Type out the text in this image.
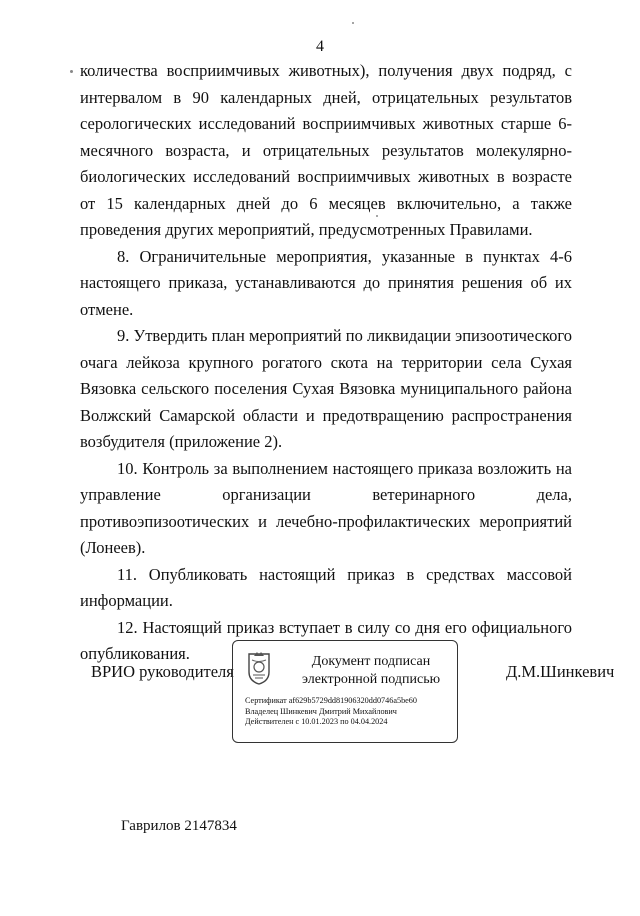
4

количества восприимчивых животных), получения двух подряд, с интервалом в 90 календарных дней, отрицательных результатов серологических исследований восприимчивых животных старше 6-месячного возраста, и отрицательных результатов молекулярно-биологических исследований восприимчивых животных в возрасте от 15 календарных дней до 6 месяцев включительно, а также проведения других мероприятий, предусмотренных Правилами.

8. Ограничительные мероприятия, указанные в пунктах 4-6 настоящего приказа, устанавливаются до принятия решения об их отмене.

9. Утвердить план мероприятий по ликвидации эпизоотического очага лейкоза крупного рогатого скота на территории села Сухая Вязовка сельского поселения Сухая Вязовка муниципального района Волжский Самарской области и предотвращению распространения возбудителя (приложение 2).

10. Контроль за выполнением настоящего приказа возложить на управление организации ветеринарного дела, противоэпизоотических и лечебно-профилактических мероприятий (Лонеев).

11. Опубликовать настоящий приказ в средствах массовой информации.

12. Настоящий приказ вступает в силу со дня его официального опубликования.

ВРИО руководителя
Документ подписан
электронной подписью
Сертификат af629b5729dd81906320dd0746a5be60
Владелец Шинкевич Дмитрий Михайлович
Действителен с 10.01.2023 по 04.04.2024
Д.М.Шинкевич
Гаврилов 2147834
